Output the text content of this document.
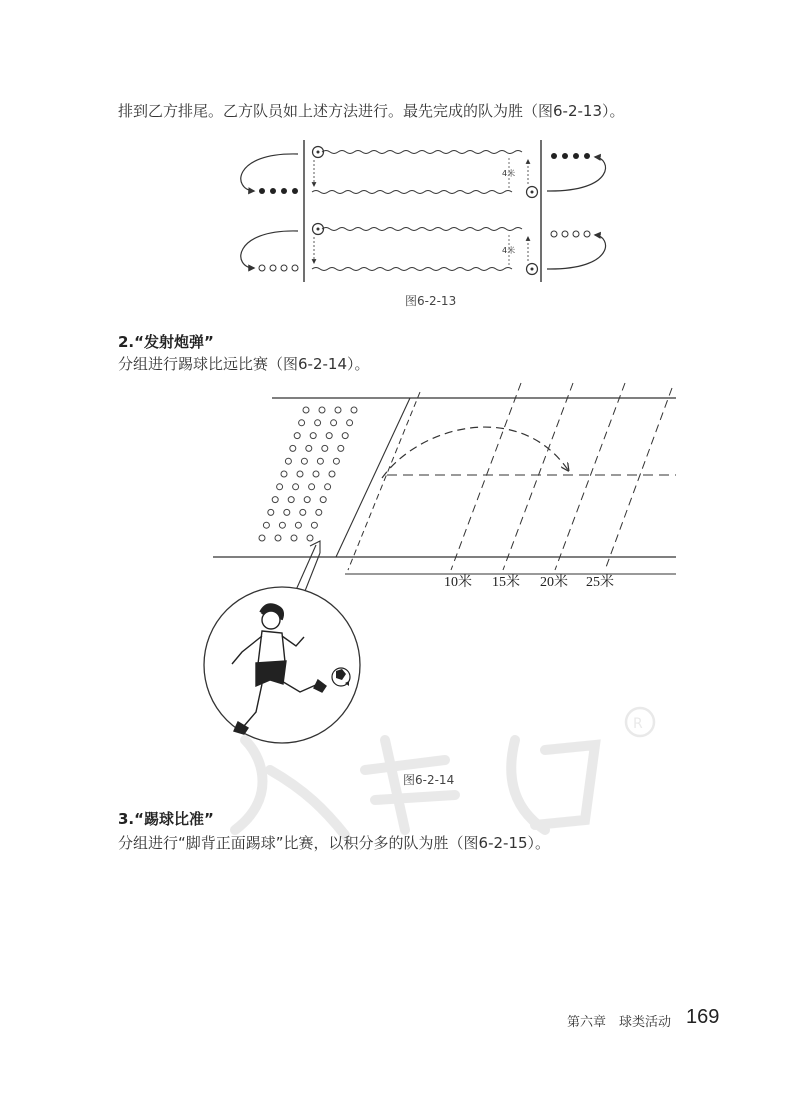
排到乙方排尾。乙方队员如上述方法进行。最先完成的队为胜（图6-2-13）。
4米
4米
图6-2-13
2.“发射炮弹”
分组进行踢球比远比赛（图6-2-14）。
10米 15米 20米 25米
图6-2-14
R
3.“踢球比准”
分组进行“脚背正面踢球”比赛，以积分多的队为胜（图6-2-15）。
第六章　球类活动 169
